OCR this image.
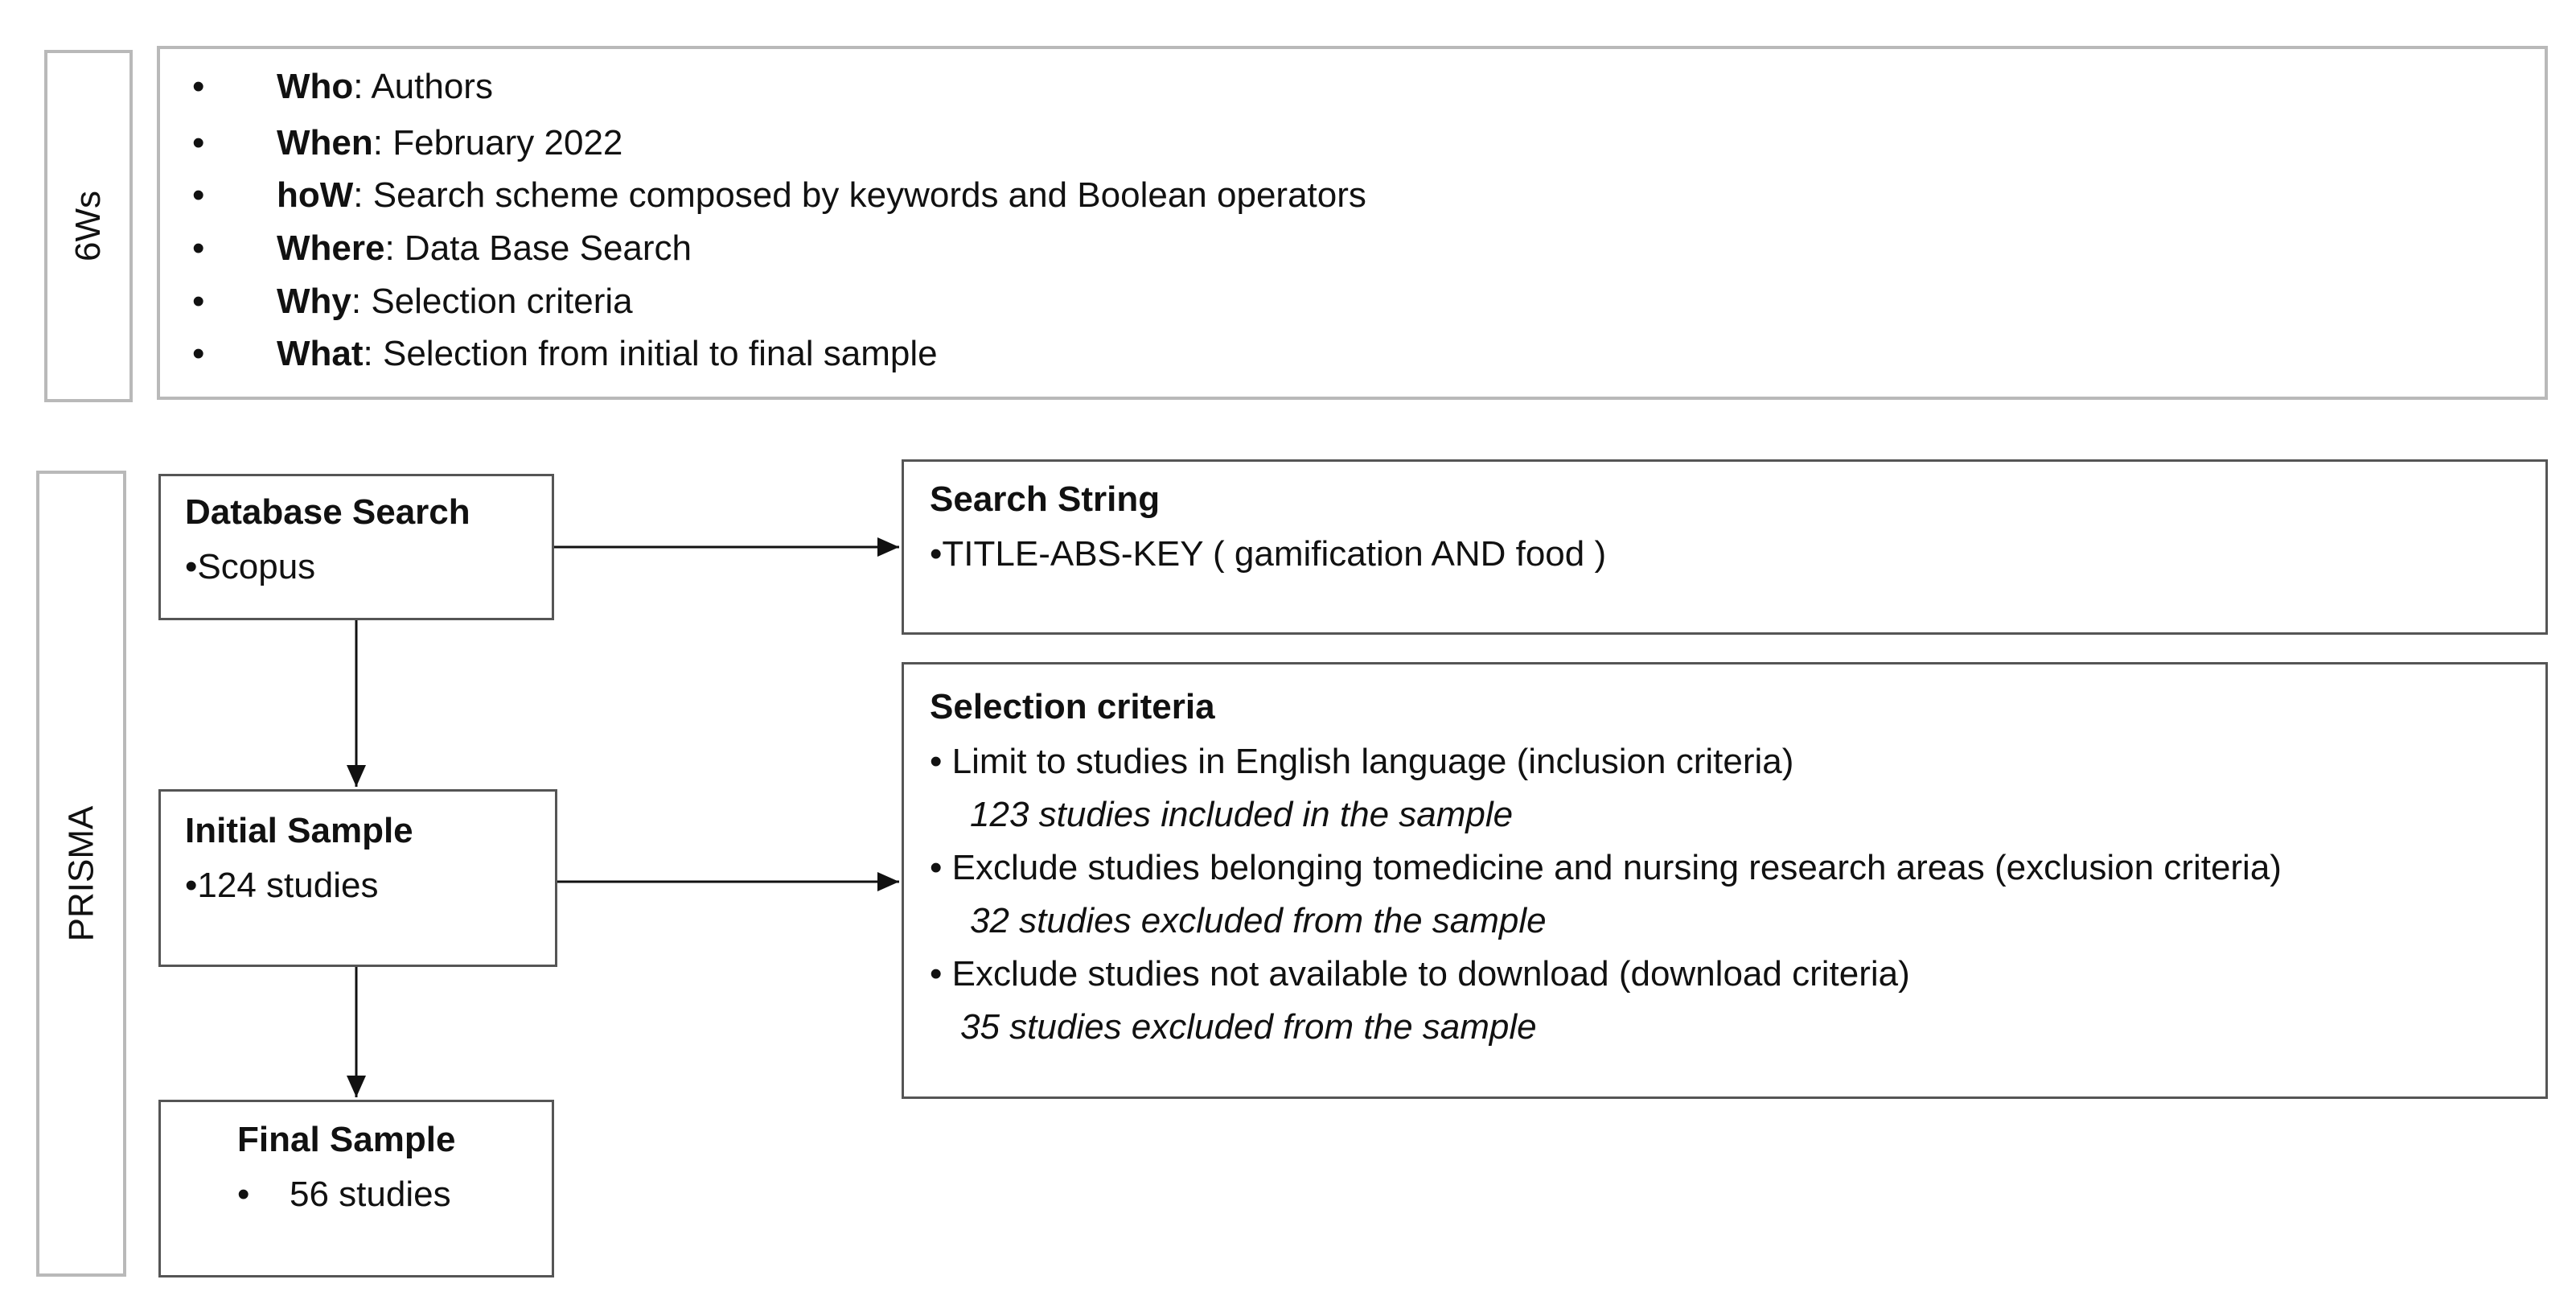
6Ws
• Who: Authors
• When: February 2022
• hoW: Search scheme composed by keywords and Boolean operators
• Where: Data Base Search
• Why: Selection criteria
• What: Selection from initial to final sample
PRISMA
Database Search
•Scopus
Initial Sample
•124 studies
Final Sample
• 56 studies
Search String
•TITLE-ABS-KEY ( gamification AND food )
Selection criteria
• Limit to studies in English language (inclusion criteria)
123 studies included in the sample
• Exclude studies belonging tomedicine and nursing research areas (exclusion criteria)
32 studies excluded from the sample
• Exclude studies not available to download (download criteria)
35 studies excluded from the sample
